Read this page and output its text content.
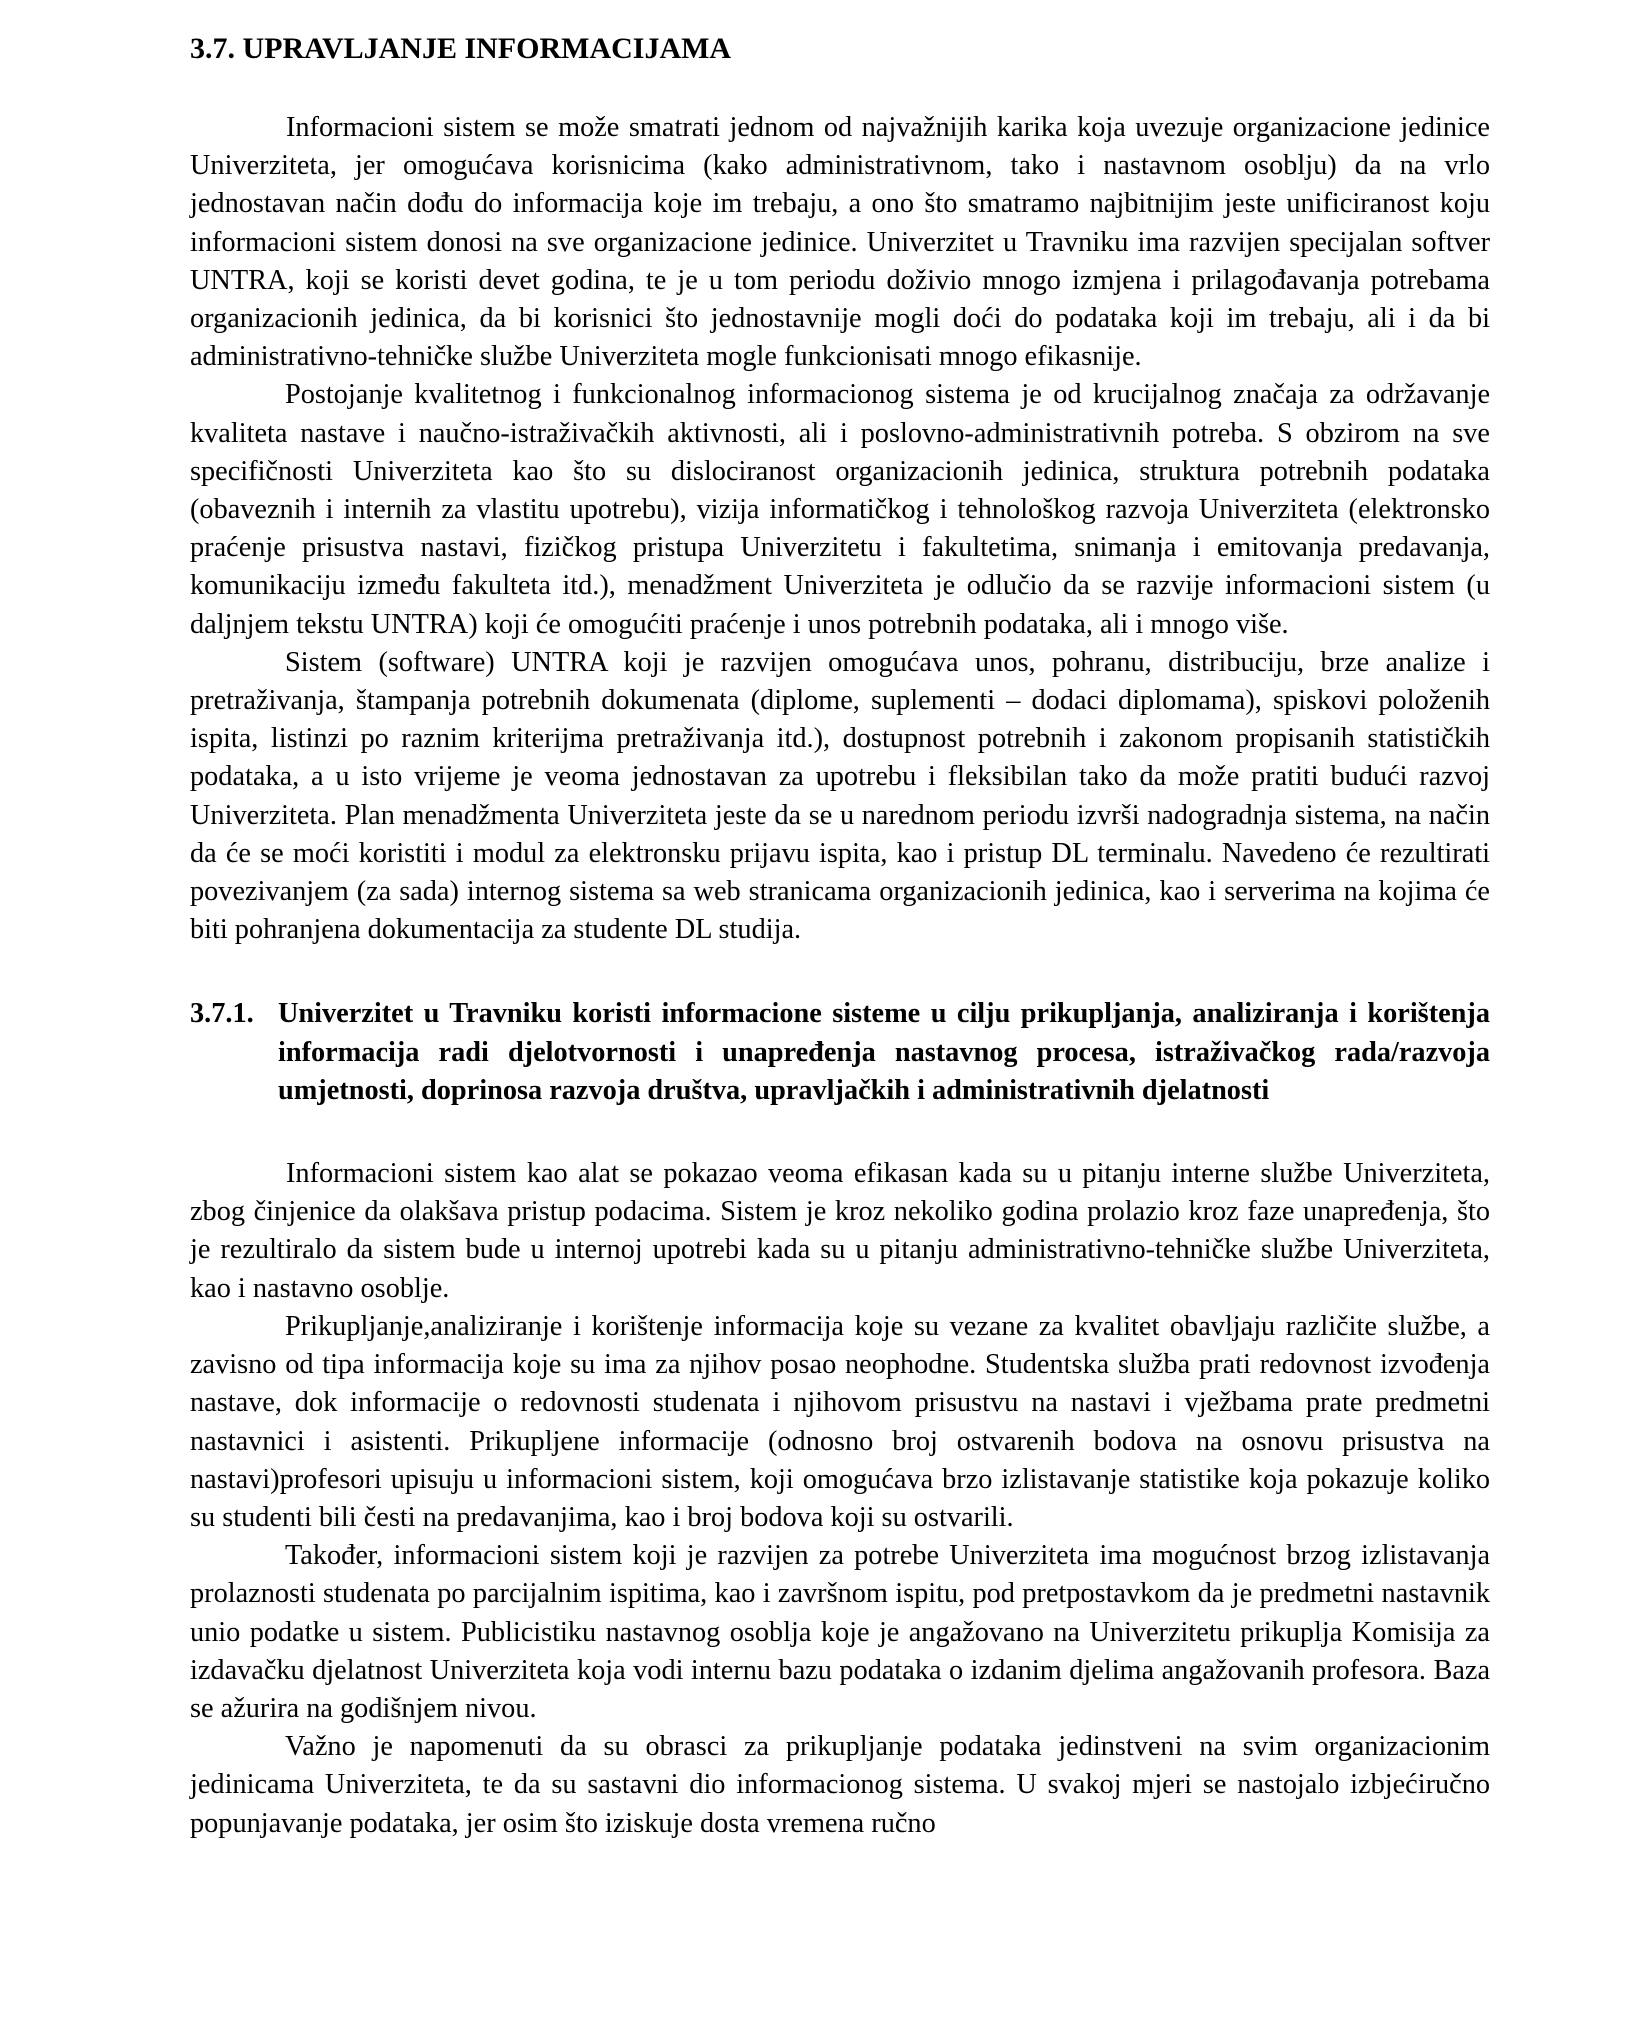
3.7. UPRAVLJANJE INFORMACIJAMA

Informacioni sistem se može smatrati jednom od najvažnijih karika koja uvezuje organizacione jedinice Univerziteta, jer omogućava korisnicima (kako administrativnom, tako i nastavnom osoblju) da na vrlo jednostavan način dođu do informacija koje im trebaju, a ono što smatramo najbitnijim jeste unificiranost koju informacioni sistem donosi na sve organizacione jedinice. Univerzitet u Travniku ima razvijen specijalan softver UNTRA, koji se koristi devet godina, te je u tom periodu doživio mnogo izmjena i prilagođavanja potrebama organizacionih jedinica, da bi korisnici što jednostavnije mogli doći do podataka koji im trebaju, ali i da bi administrativno-tehničke službe Univerziteta mogle funkcionisati mnogo efikasnije.

Postojanje kvalitetnog i funkcionalnog informacionog sistema je od krucijalnog značaja za održavanje kvaliteta nastave i naučno-istraživačkih aktivnosti, ali i poslovno-administrativnih potreba. S obzirom na sve specifičnosti Univerziteta kao što su dislociranost organizacionih jedinica, struktura potrebnih podataka (obaveznih i internih za vlastitu upotrebu), vizija informatičkog i tehnološkog razvoja Univerziteta (elektronsko praćenje prisustva nastavi, fizičkog pristupa Univerzitetu i fakultetima, snimanja i emitovanja predavanja, komunikaciju između fakulteta itd.), menadžment Univerziteta je odlučio da se razvije informacioni sistem (u daljnjem tekstu UNTRA) koji će omogućiti praćenje i unos potrebnih podataka, ali i mnogo više.

Sistem (software) UNTRA koji je razvijen omogućava unos, pohranu, distribuciju, brze analize i pretraživanja, štampanja potrebnih dokumenata (diplome, suplementi – dodaci diplomama), spiskovi položenih ispita, listinzi po raznim kriterijma pretraživanja itd.), dostupnost potrebnih i zakonom propisanih statističkih podataka, a u isto vrijeme je veoma jednostavan za upotrebu i fleksibilan tako da može pratiti budući razvoj Univerziteta. Plan menadžmenta Univerziteta jeste da se u narednom periodu izvrši nadogradnja sistema, na način da će se moći koristiti i modul za elektronsku prijavu ispita, kao i pristup DL terminalu. Navedeno će rezultirati povezivanjem (za sada) internog sistema sa web stranicama organizacionih jedinica, kao i serverima na kojima će biti pohranjena dokumentacija za studente DL studija.

3.7.1. Univerzitet u Travniku koristi informacione sisteme u cilju prikupljanja, analiziranja i korištenja informacija radi djelotvornosti i unapređenja nastavnog procesa, istraživačkog rada/razvoja umjetnosti, doprinosa razvoja društva, upravljačkih i administrativnih djelatnosti

Informacioni sistem kao alat se pokazao veoma efikasan kada su u pitanju interne službe Univerziteta, zbog činjenice da olakšava pristup podacima. Sistem je kroz nekoliko godina prolazio kroz faze unapređenja, što je rezultiralo da sistem bude u internoj upotrebi kada su u pitanju administrativno-tehničke službe Univerziteta, kao i nastavno osoblje.

Prikupljanje,analiziranje i korištenje informacija koje su vezane za kvalitet obavljaju različite službe, a zavisno od tipa informacija koje su ima za njihov posao neophodne. Studentska služba prati redovnost izvođenja nastave, dok informacije o redovnosti studenata i njihovom prisustvu na nastavi i vježbama prate predmetni nastavnici i asistenti. Prikupljene informacije (odnosno broj ostvarenih bodova na osnovu prisustva na nastavi)profesori upisuju u informacioni sistem, koji omogućava brzo izlistavanje statistike koja pokazuje koliko su studenti bili česti na predavanjima, kao i broj bodova koji su ostvarili.

Također, informacioni sistem koji je razvijen za potrebe Univerziteta ima mogućnost brzog izlistavanja prolaznosti studenata po parcijalnim ispitima, kao i završnom ispitu, pod pretpostavkom da je predmetni nastavnik unio podatke u sistem. Publicistiku nastavnog osoblja koje je angažovano na Univerzitetu prikuplja Komisija za izdavačku djelatnost Univerziteta koja vodi internu bazu podataka o izdanim djelima angažovanih profesora. Baza se ažurira na godišnjem nivou.

Važno je napomenuti da su obrasci za prikupljanje podataka jedinstveni na svim organizacionim jedinicama Univerziteta, te da su sastavni dio informacionog sistema. U svakoj mjeri se nastojalo izbjećiručno popunjavanje podataka, jer osim što iziskuje dosta vremena ručno
